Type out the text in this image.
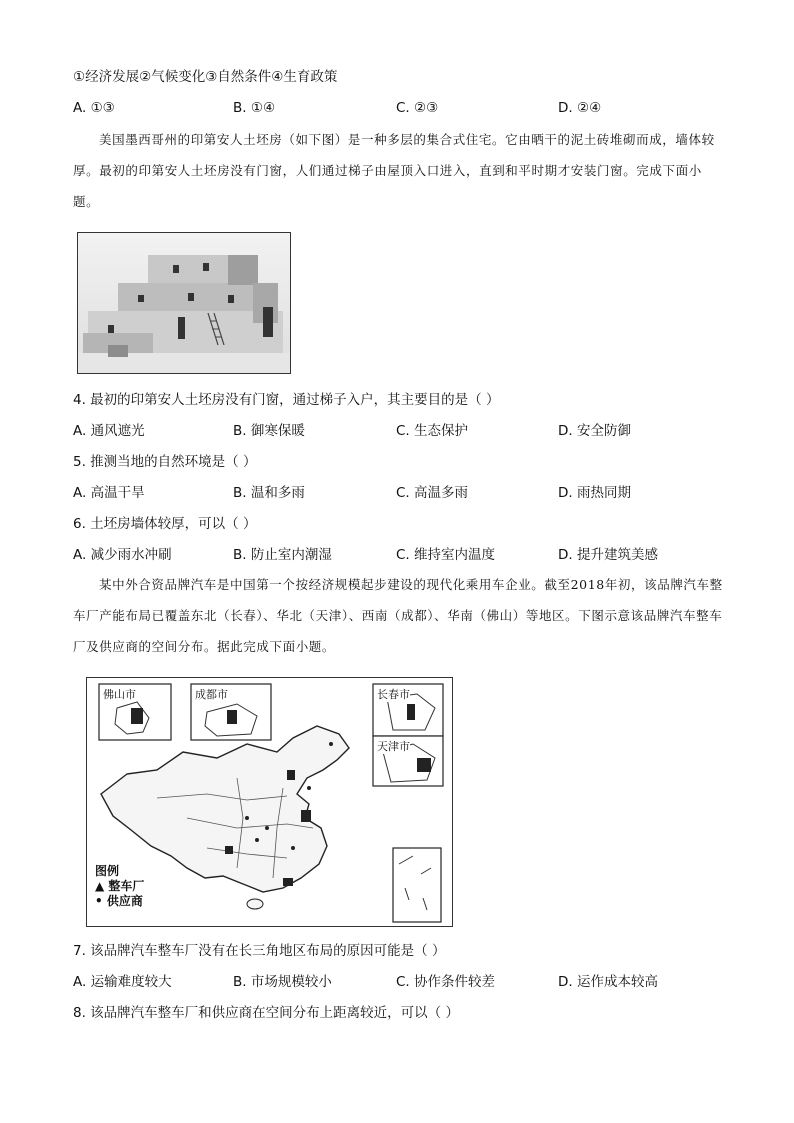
①经济发展②气候变化③自然条件④生育政策
A. ①③	B. ①④	C. ②③	D. ②④
美国墨西哥州的印第安人土坯房（如下图）是一种多层的集合式住宅。它由晒干的泥土砖堆砌而成，墙体较厚。最初的印第安人土坯房没有门窗，人们通过梯子由屋顶入口进入，直到和平时期才安装门窗。完成下面小题。
4. 最初的印第安人土坯房没有门窗，通过梯子入户，其主要目的是（ ）
A. 通风遮光	B. 御寒保暖	C. 生态保护	D. 安全防御
5. 推测当地的自然环境是（ ）
A. 高温干旱	B. 温和多雨	C. 高温多雨	D. 雨热同期
6. 土坯房墙体较厚，可以（ ）
A. 减少雨水冲刷	B. 防止室内潮湿	C. 维持室内温度	D. 提升建筑美感
某中外合资品牌汽车是中国第一个按经济规模起步建设的现代化乘用车企业。截至2018年初，该品牌汽车整车厂产能布局已覆盖东北（长春）、华北（天津）、西南（成都）、华南（佛山）等地区。下图示意该品牌汽车整车厂及供应商的空间分布。据此完成下面小题。
佛山市	成都市	长春市
天津市
图例
▲ 整车厂
• 供应商
7. 该品牌汽车整车厂没有在长三角地区布局的原因可能是（ ）
A. 运输难度较大	B. 市场规模较小	C. 协作条件较差	D. 运作成本较高
8. 该品牌汽车整车厂和供应商在空间分布上距离较近，可以（ ）
